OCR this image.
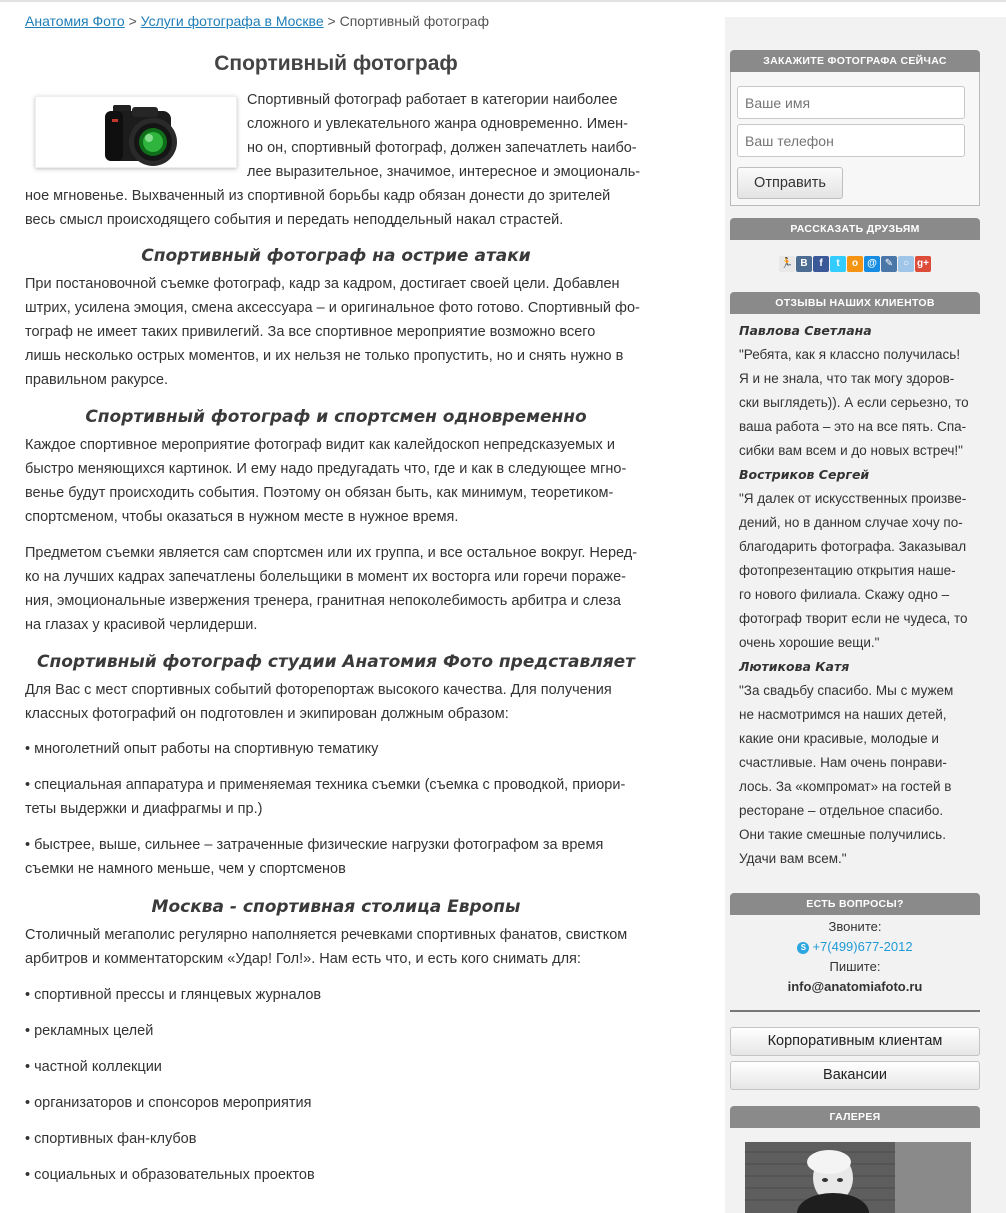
Анатомия Фото > Услуги фотографа в Москве > Спортивный фотограф
Спортивный фотограф

Спортивный фотограф работает в категории наиболее
сложного и увлекательного жанра одновременно. Имен-
но он, спортивный фотограф, должен запечатлеть наибо-
лее выразительное, значимое, интересное и эмоциональ-
ное мгновенье. Выхваченный из спортивной борьбы кадр обязан донести до зрителей
весь смысл происходящего события и передать неподдельный накал страстей.

Спортивный фотограф на острие атаки

При постановочной съемке фотограф, кадр за кадром, достигает своей цели. Добавлен
штрих, усилена эмоция, смена аксессуара – и оригинальное фото готово. Спортивный фо-
тограф не имеет таких привилегий. За все спортивное мероприятие возможно всего
лишь несколько острых моментов, и их нельзя не только пропустить, но и снять нужно в
правильном ракурсе.

Спортивный фотограф и спортсмен одновременно

Каждое спортивное мероприятие фотограф видит как калейдоскоп непредсказуемых и
быстро меняющихся картинок. И ему надо предугадать что, где и как в следующее мгно-
венье будут происходить события. Поэтому он обязан быть, как минимум, теоретиком-
спортсменом, чтобы оказаться в нужном месте в нужное время.

Предметом съемки является сам спортсмен или их группа, и все остальное вокруг. Неред-
ко на лучших кадрах запечатлены болельщики в момент их восторга или горечи пораже-
ния, эмоциональные извержения тренера, гранитная непоколебимость арбитра и слеза
на глазах у красивой черлидерши.

Спортивный фотограф студии Анатомия Фото представляет

Для Вас с мест спортивных событий фоторепортаж высокого качества. Для получения
классных фотографий он подготовлен и экипирован должным образом:

• многолетний опыт работы на спортивную тематику
• специальная аппаратура и применяемая техника съемки (съемка с проводкой, приори-
теты выдержки и диафрагмы и пр.)
• быстрее, выше, сильнее – затраченные физические нагрузки фотографом за время
съемки не намного меньше, чем у спортсменов
Москва - спортивная столица Европы

Столичный мегаполис регулярно наполняется речевками спортивных фанатов, свистком
арбитров и комментаторским «Удар! Гол!». Нам есть что, и есть кого снимать для:

• спортивной прессы и глянцевых журналов
• рекламных целей
• частной коллекции
• организаторов и спонсоров мероприятия
• спортивных фан-клубов
• социальных и образовательных проектов
ЗАКАЖИТЕ ФОТОГРАФА СЕЙЧАС
Ваше имя
Ваш телефон
Отправить
РАССКАЗАТЬ ДРУЗЬЯМ
🏃 В f t о @ ✎ ○ g+
ОТЗЫВЫ НАШИХ КЛИЕНТОВ
Павлова Светлана
"Ребята, как я классно получилась!
Я и не знала, что так могу здоров-
ски выглядеть)). А если серьезно, то
ваша работа – это на все пять. Спа-
сибки вам всем и до новых встреч!"
Востриков Сергей
"Я далек от искусственных произве-
дений, но в данном случае хочу по-
благодарить фотографа. Заказывал
фотопрезентацию открытия наше-
го нового филиала. Скажу одно –
фотограф творит если не чудеса, то
очень хорошие вещи."
Лютикова Катя
"За свадьбу спасибо. Мы с мужем
не насмотримся на наших детей,
какие они красивые, молодые и
счастливые. Нам очень понрави-
лось. За «компромат» на гостей в
ресторане – отдельное спасибо.
Они такие смешные получились.
Удачи вам всем."
ЕСТЬ ВОПРОСЫ?
Звоните:
S +7(499)677-2012
Пишите:
info@anatomiafoto.ru
Корпоративным клиентам
Вакансии
ГАЛЕРЕЯ
